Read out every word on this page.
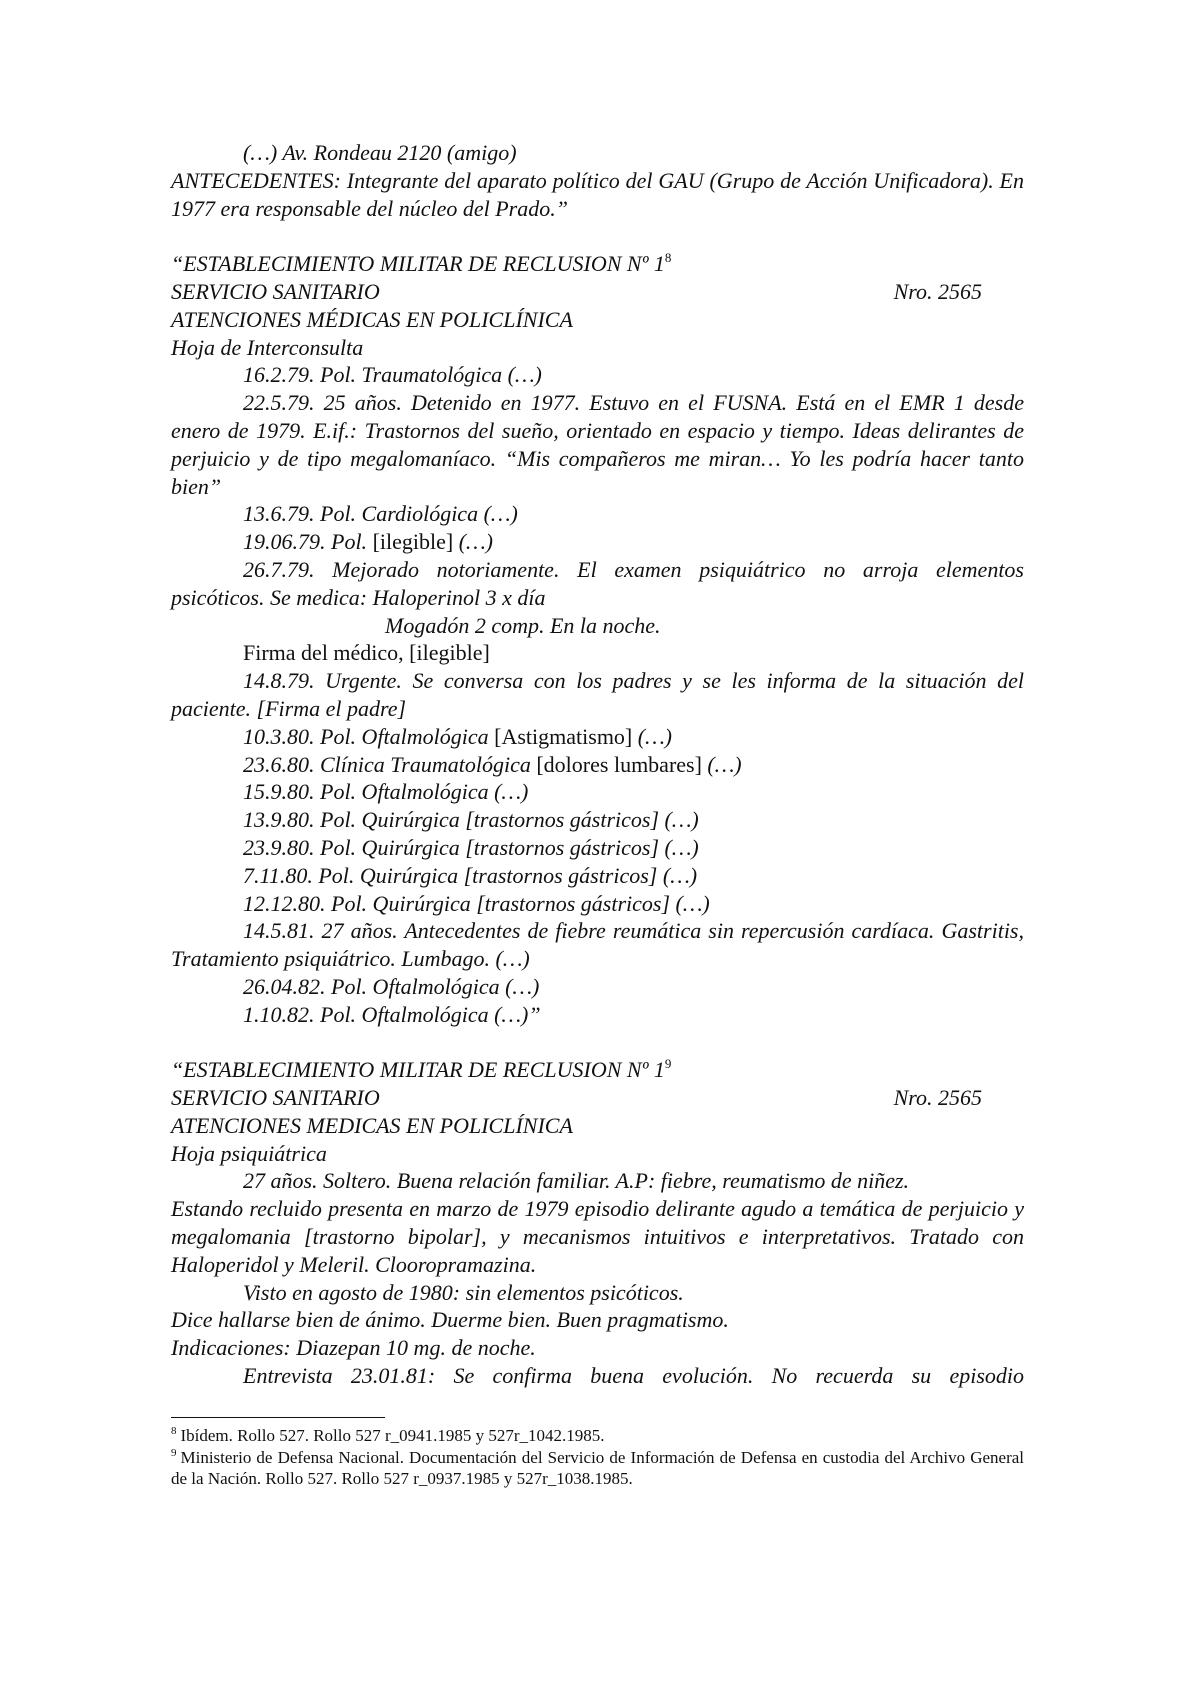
(…) Av. Rondeau 2120 (amigo)
ANTECEDENTES: Integrante del aparato político del GAU (Grupo de Acción Unificadora). En 1977 era responsable del núcleo del Prado.”
“ESTABLECIMIENTO MILITAR DE RECLUSION Nº $1^8$
SERVICIO SANITARIO	Nro. 2565
ATENCIONES MÉDICAS EN POLICLÍNICA
Hoja de Interconsulta
16.2.79. Pol. Traumatológica (…)
22.5.79. 25 años. Detenido en 1977. Estuvo en el FUSNA. Está en el EMR 1 desde enero de 1979. E.if.: Trastornos del sueño, orientado en espacio y tiempo. Ideas delirantes de perjuicio y de tipo megalomaníaco. “Mis compañeros me miran… Yo les podría hacer tanto bien”
13.6.79. Pol. Cardiológica (…)
19.06.79. Pol. [ilegible] (…)
26.7.79. Mejorado notoriamente. El examen psiquiátrico no arroja elementos psicóticos. Se medica: Haloperinol 3 x día
Mogadón 2 comp. En la noche.
Firma del médico, [ilegible]
14.8.79. Urgente. Se conversa con los padres y se les informa de la situación del paciente. [Firma el padre]
10.3.80. Pol. Oftalmológica [Astigmatismo] (…)
23.6.80. Clínica Traumatológica [dolores lumbares] (…)
15.9.80. Pol. Oftalmológica (…)
13.9.80. Pol. Quirúrgica [trastornos gástricos] (…)
23.9.80. Pol. Quirúrgica [trastornos gástricos] (…)
7.11.80. Pol. Quirúrgica [trastornos gástricos] (…)
12.12.80. Pol. Quirúrgica [trastornos gástricos] (…)
14.5.81. 27 años. Antecedentes de fiebre reumática sin repercusión cardíaca. Gastritis, Tratamiento psiquiátrico. Lumbago. (…)
26.04.82. Pol. Oftalmológica (…)
1.10.82. Pol. Oftalmológica (…)”
“ESTABLECIMIENTO MILITAR DE RECLUSION Nº $1^9$
SERVICIO SANITARIO	Nro. 2565
ATENCIONES MEDICAS EN POLICLÍNICA
Hoja psiquiátrica
27 años. Soltero. Buena relación familiar. A.P: fiebre, reumatismo de niñez.
Estando recluido presenta en marzo de 1979 episodio delirante agudo a temática de perjuicio y megalomania [trastorno bipolar], y mecanismos intuitivos e interpretativos. Tratado con Haloperidol y Meleril. Clooropramazina.
Visto en agosto de 1980: sin elementos psicóticos.
Dice hallarse bien de ánimo. Duerme bien. Buen pragmatismo.
Indicaciones: Diazepan 10 mg. de noche.
Entrevista 23.01.81: Se confirma buena evolución. No recuerda su episodio

$^8$ Ibídem. Rollo 527. Rollo 527 r_0941.1985 y 527r_1042.1985.

$^9$ Ministerio de Defensa Nacional. Documentación del Servicio de Información de Defensa en custodia del Archivo General de la Nación. Rollo 527. Rollo 527 r_0937.1985 y 527r_1038.1985.
